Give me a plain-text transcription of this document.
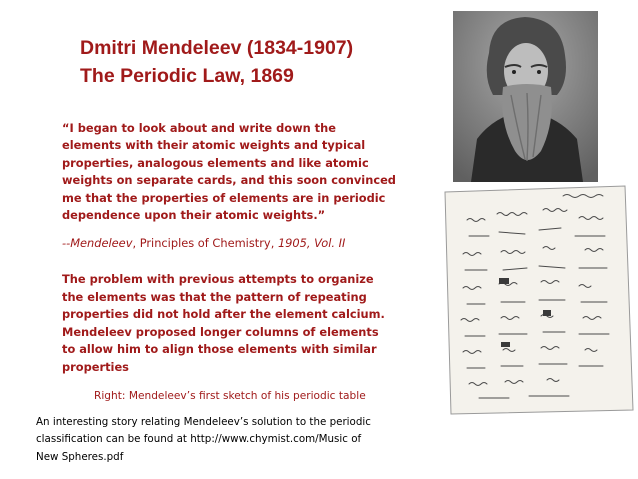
Dmitri Mendeleev (1834-1907)
The Periodic Law, 1869
“I began to look about and write down the
elements with their atomic weights and typical
properties, analogous elements and like atomic
weights on separate cards, and this soon convinced
me that the properties of elements are in periodic
dependence upon their atomic weights.”
--Mendeleev, Principles of Chemistry, 1905, Vol. II
The problem with previous attempts to organize
the elements was that the pattern of repeating
properties did not hold after the element calcium.
Mendeleev proposed longer columns of elements
to allow him to align those elements with similar
properties
Right: Mendeleev’s first sketch of his periodic table
An interesting story relating Mendeleev’s solution to the periodic
classification can be found at http://www.chymist.com/Music of
New Spheres.pdf
